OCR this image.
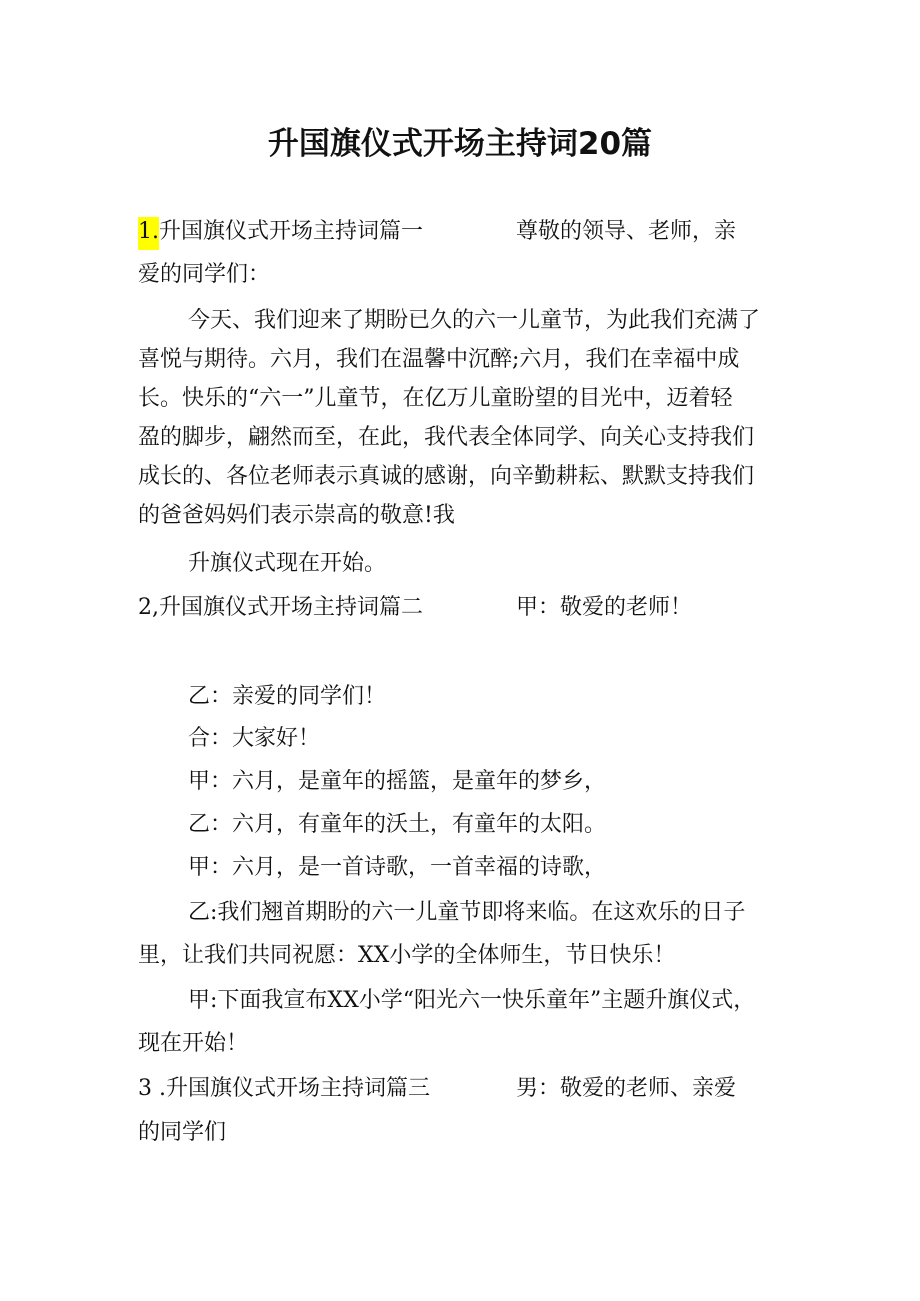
升国旗仪式开场主持词20篇
1.升国旗仪式开场主持词篇一	尊敬的领导、老师，亲
爱的同学们：
今天、我们迎来了期盼已久的六一儿童节，为此我们充满了
喜悦与期待。六月，我们在温馨中沉醉;六月，我们在幸福中成
长。快乐的“六一”儿童节，在亿万儿童盼望的目光中，迈着轻
盈的脚步，翩然而至，在此，我代表全体同学、向关心支持我们
成长的、各位老师表示真诚的感谢，向辛勤耕耘、默默支持我们
的爸爸妈妈们表示崇高的敬意!我
升旗仪式现在开始。
2,升国旗仪式开场主持词篇二	甲：敬爱的老师！
乙：亲爱的同学们！
合：大家好！
甲：六月，是童年的摇篮，是童年的梦乡，
乙：六月，有童年的沃土，有童年的太阳。
甲：六月，是一首诗歌，一首幸福的诗歌，
乙:我们翘首期盼的六一儿童节即将来临。在这欢乐的日子
里，让我们共同祝愿：XX小学的全体师生，节日快乐！
甲:下面我宣布XX小学“阳光六一快乐童年”主题升旗仪式，
现在开始！
3 .升国旗仪式开场主持词篇三	男：敬爱的老师、亲爱
的同学们
